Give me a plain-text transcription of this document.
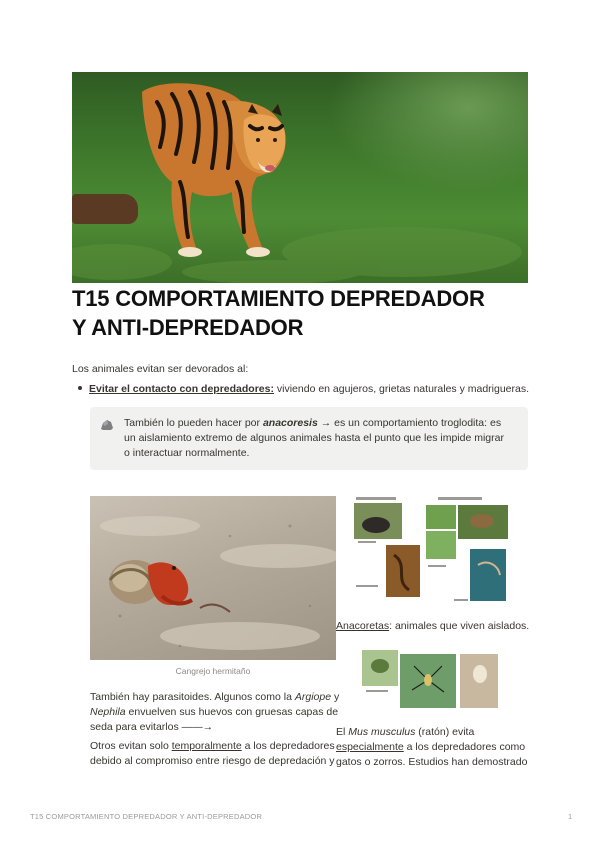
T15 COMPORTAMIENTO DEPREDADOR
Y ANTI-DEPREDADOR
Los animales evitan ser devorados al:
Evitar el contacto con depredadores: viviendo en agujeros, grietas naturales y madrigueras.
También lo pueden hacer por anacoresis → es un comportamiento troglodita: es un aislamiento extremo de algunos animales hasta el punto que les impide migrar o interactuar normalmente.
Cangrejo hermitaño
Anacoretas: animales que viven aislados.
También hay parasitoides. Algunos como la Argiope y Nephila envuelven sus huevos con gruesas capas de seda para evitarlos ——→
Otros evitan solo temporalmente a los depredadores debido al compromiso entre riesgo de depredación y
El Mus musculus (ratón) evita especialmente a los depredadores como gatos o zorros. Estudios han demostrado
T15 COMPORTAMIENTO DEPREDADOR Y ANTI-DEPREDADOR	1
